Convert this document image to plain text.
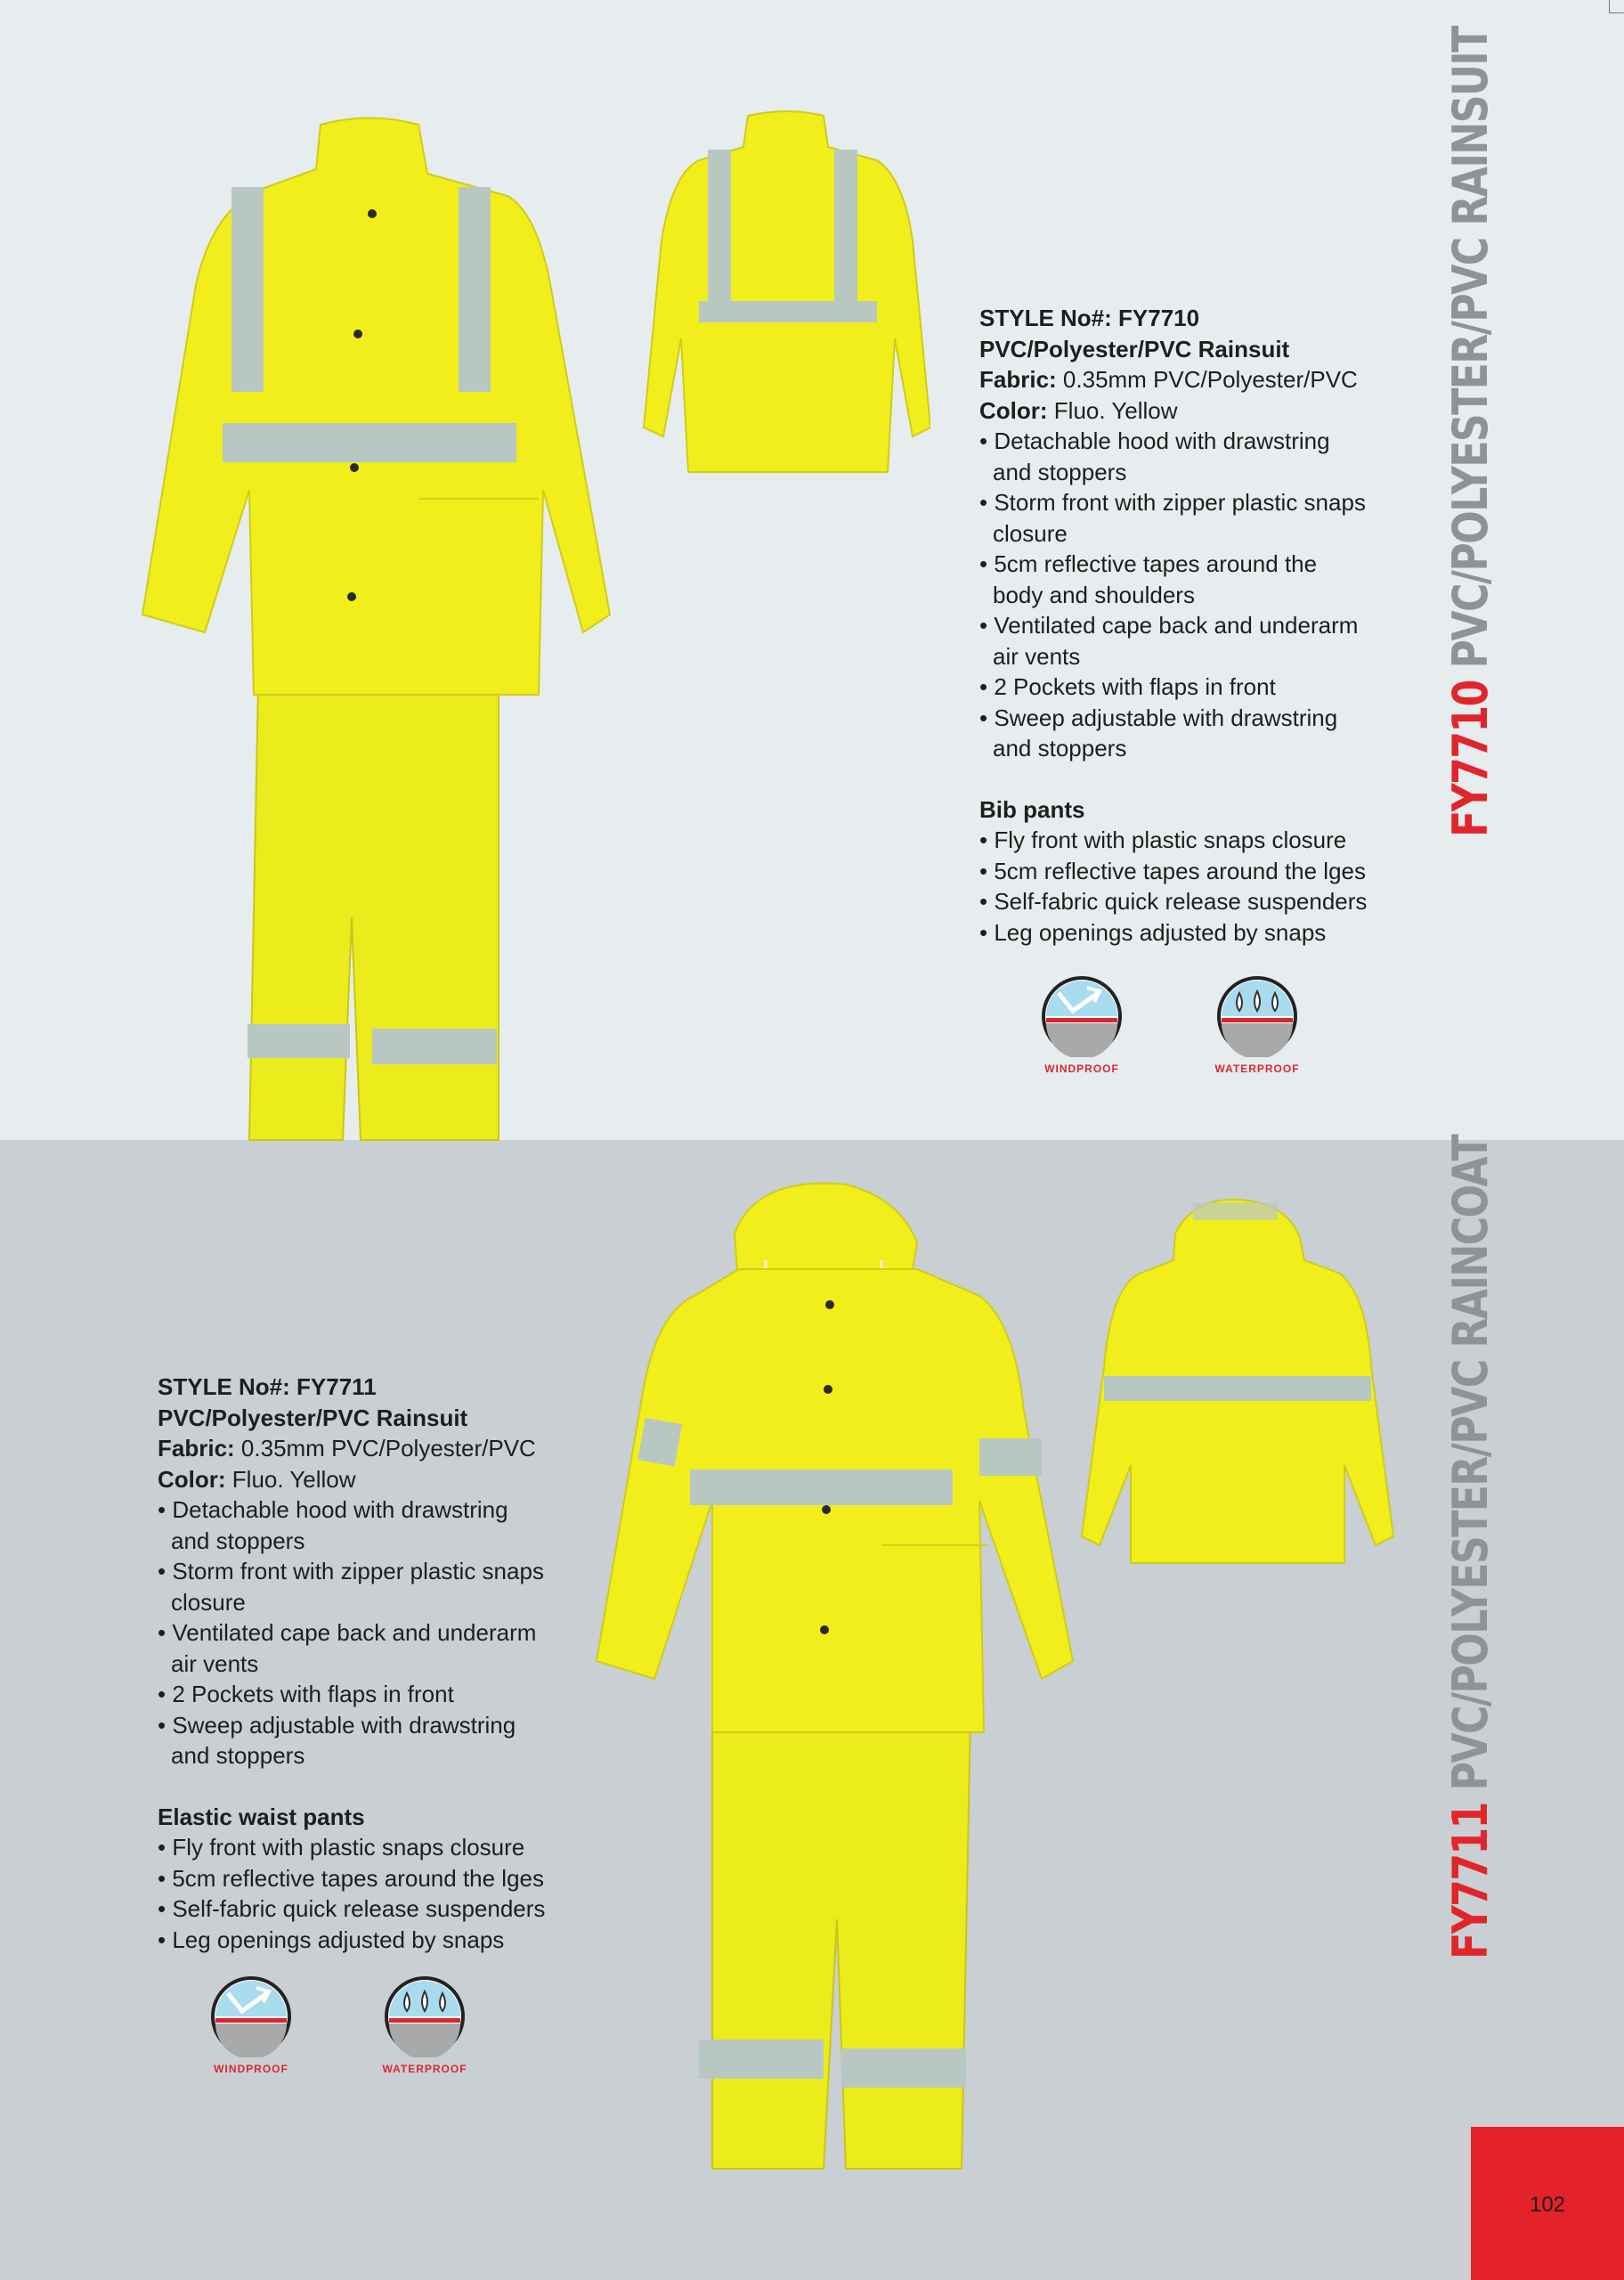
STYLE No#: FY7710
PVC/Polyester/PVC Rainsuit
Fabric: 0.35mm PVC/Polyester/PVC
Color: Fluo. Yellow
• Detachable hood with drawstring and stoppers
• Storm front with zipper plastic snaps closure
• 5cm reflective tapes around the body and shoulders
• Ventilated cape back and underarm air vents
• 2 Pockets with flaps in front
• Sweep adjustable with drawstring and stoppers
Bib pants
• Fly front with plastic snaps closure
• 5cm reflective tapes around the lges
• Self-fabric quick release suspenders
• Leg openings adjusted by snaps
WINDPROOF	WATERPROOF
FY7710 PVC/POLYESTER/PVC RAINSUIT
STYLE No#: FY7711
PVC/Polyester/PVC Rainsuit
Fabric: 0.35mm PVC/Polyester/PVC
Color: Fluo. Yellow
• Detachable hood with drawstring and stoppers
• Storm front with zipper plastic snaps closure
• Ventilated cape back and underarm air vents
• 2 Pockets with flaps in front
• Sweep adjustable with drawstring and stoppers
Elastic waist pants
• Fly front with plastic snaps closure
• 5cm reflective tapes around the lges
• Self-fabric quick release suspenders
• Leg openings adjusted by snaps
WINDPROOF	WATERPROOF
FY7711 PVC/POLYESTER/PVC RAINCOAT
102
